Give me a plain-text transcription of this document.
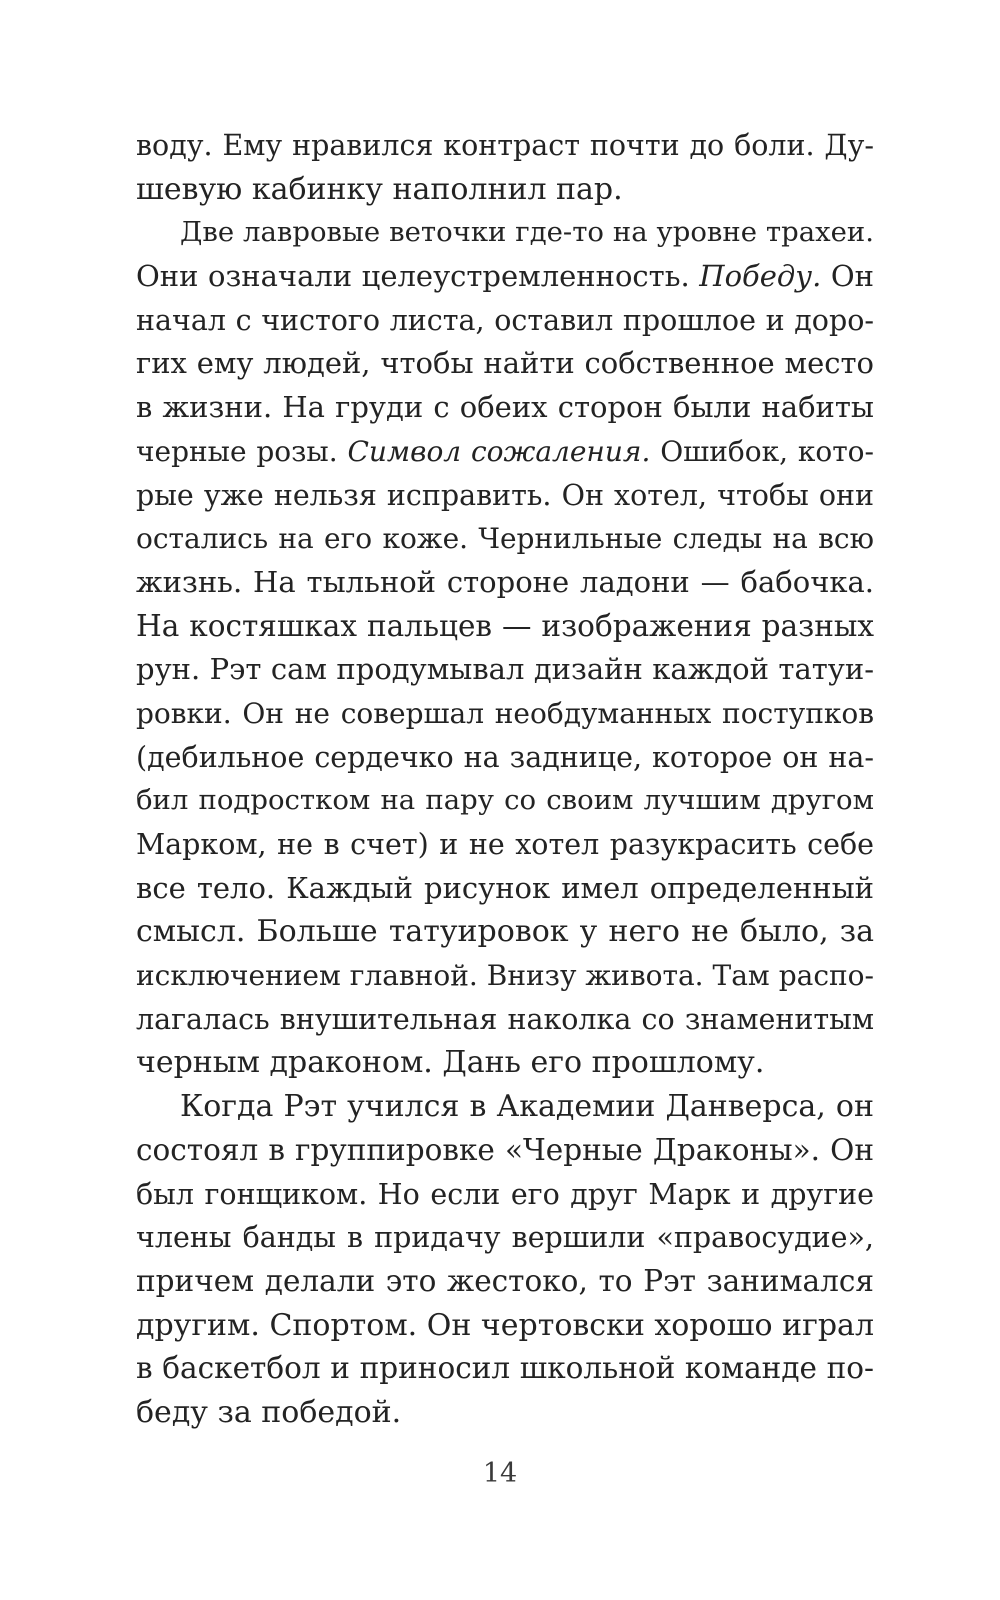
воду. Ему нравился контраст почти до боли. Ду-
шевую кабинку наполнил пар.
Две лавровые веточки где-то на уровне трахеи.
Они означали целеустремленность. Победу. Он
начал с чистого листа, оставил прошлое и доро-
гих ему людей, чтобы найти собственное место
в жизни. На груди с обеих сторон были набиты
черные розы. Символ сожаления. Ошибок, кото-
рые уже нельзя исправить. Он хотел, чтобы они
остались на его коже. Чернильные следы на всю
жизнь. На тыльной стороне ладони — бабочка.
На костяшках пальцев — изображения разных
рун. Рэт сам продумывал дизайн каждой татуи-
ровки. Он не совершал необдуманных поступков
(дебильное сердечко на заднице, которое он на-
бил подростком на пару со своим лучшим другом
Марком, не в счет) и не хотел разукрасить себе
все тело. Каждый рисунок имел определенный
смысл. Больше татуировок у него не было, за
исключением главной. Внизу живота. Там распо-
лагалась внушительная наколка со знаменитым
черным драконом. Дань его прошлому.
Когда Рэт учился в Академии Данверса, он
состоял в группировке «Черные Драконы». Он
был гонщиком. Но если его друг Марк и другие
члены банды в придачу вершили «правосудие»,
причем делали это жестоко, то Рэт занимался
другим. Спортом. Он чертовски хорошо играл
в баскетбол и приносил школьной команде по-
беду за победой.
14
